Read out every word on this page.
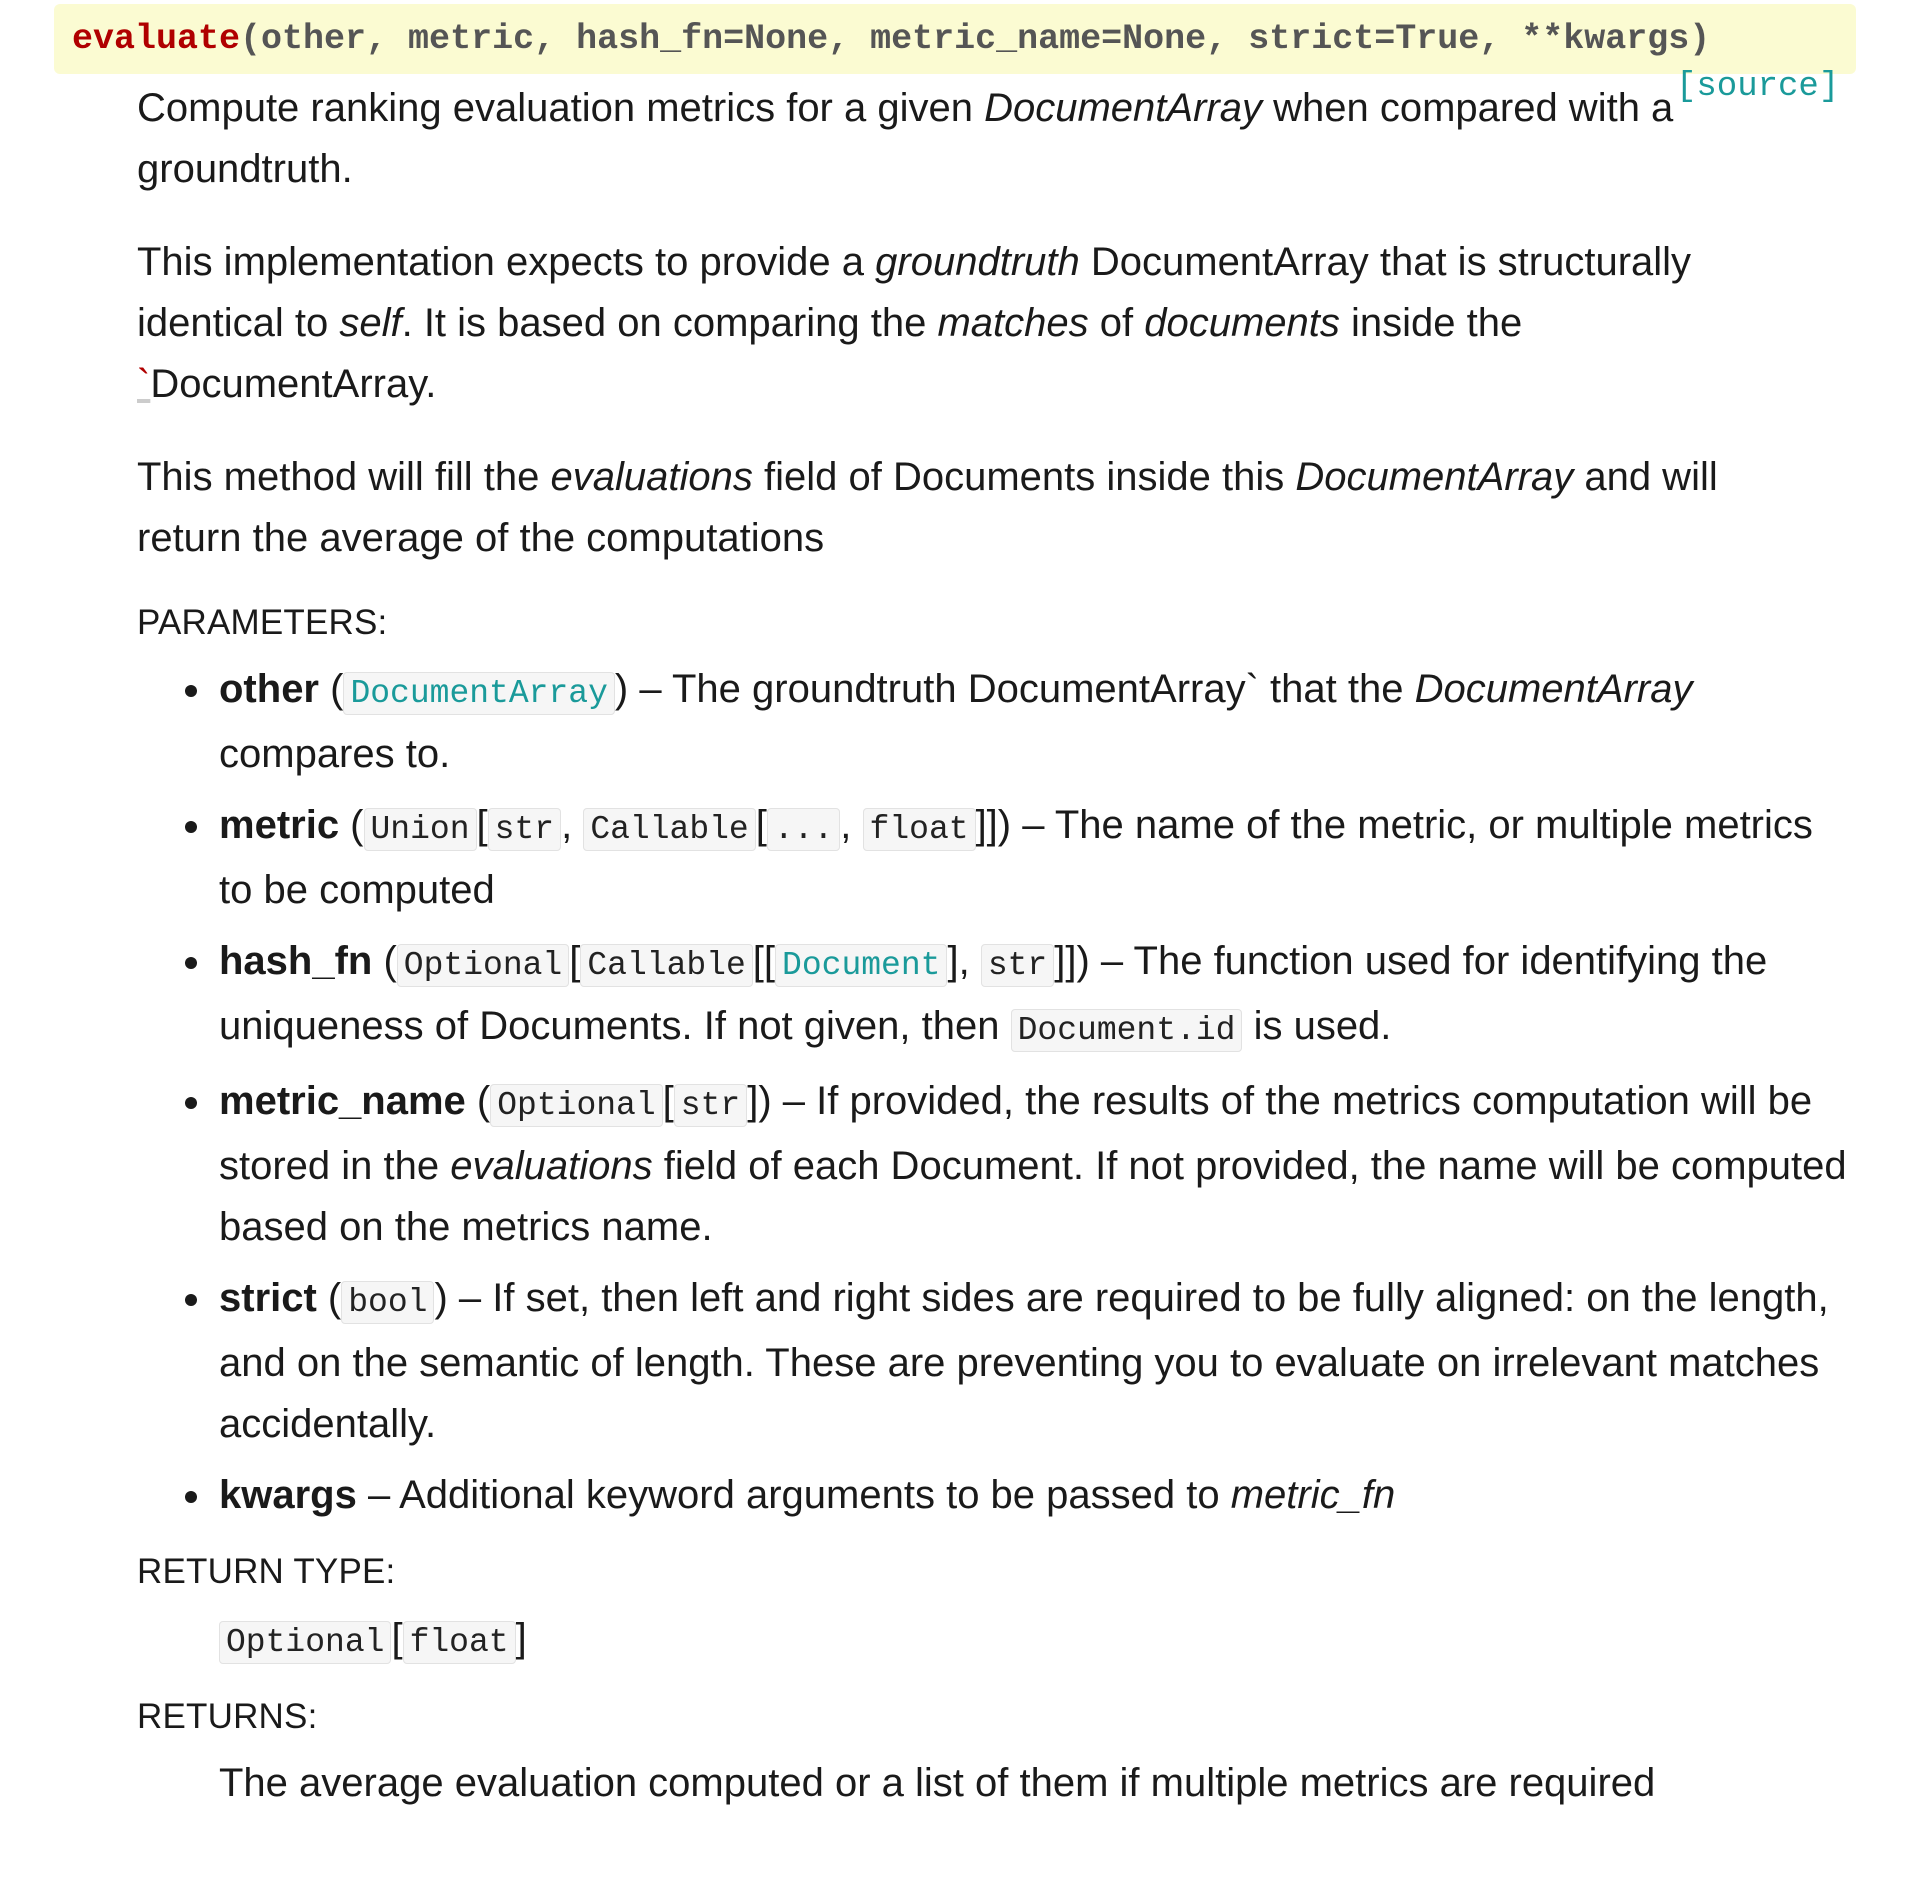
evaluate(other, metric, hash_fn=None, metric_name=None, strict=True, **kwargs)
[source]

Compute ranking evaluation metrics for a given DocumentArray when compared with a groundtruth.

This implementation expects to provide a groundtruth DocumentArray that is structurally identical to self. It is based on comparing the matches of documents inside the
`DocumentArray.

This method will fill the evaluations field of Documents inside this DocumentArray and will return the average of the computations

PARAMETERS:
other ( DocumentArray ) – The groundtruth DocumentArray` that the DocumentArray compares to.
metric ( Union [ str , Callable [ ... , float ]]) – The name of the metric, or multiple metrics to be computed
hash_fn ( Optional [ Callable [[ Document ], str ]]) – The function used for identifying the uniqueness of Documents. If not given, then Document.id is used.
metric_name ( Optional [ str ]) – If provided, the results of the metrics computation will be stored in the evaluations field of each Document. If not provided, the name will be computed based on the metrics name.
strict ( bool ) – If set, then left and right sides are required to be fully aligned: on the length, and on the semantic of length. These are preventing you to evaluate on irrelevant matches accidentally.
kwargs – Additional keyword arguments to be passed to metric_fn
RETURN TYPE:
Optional [ float ]
RETURNS:
The average evaluation computed or a list of them if multiple metrics are required
